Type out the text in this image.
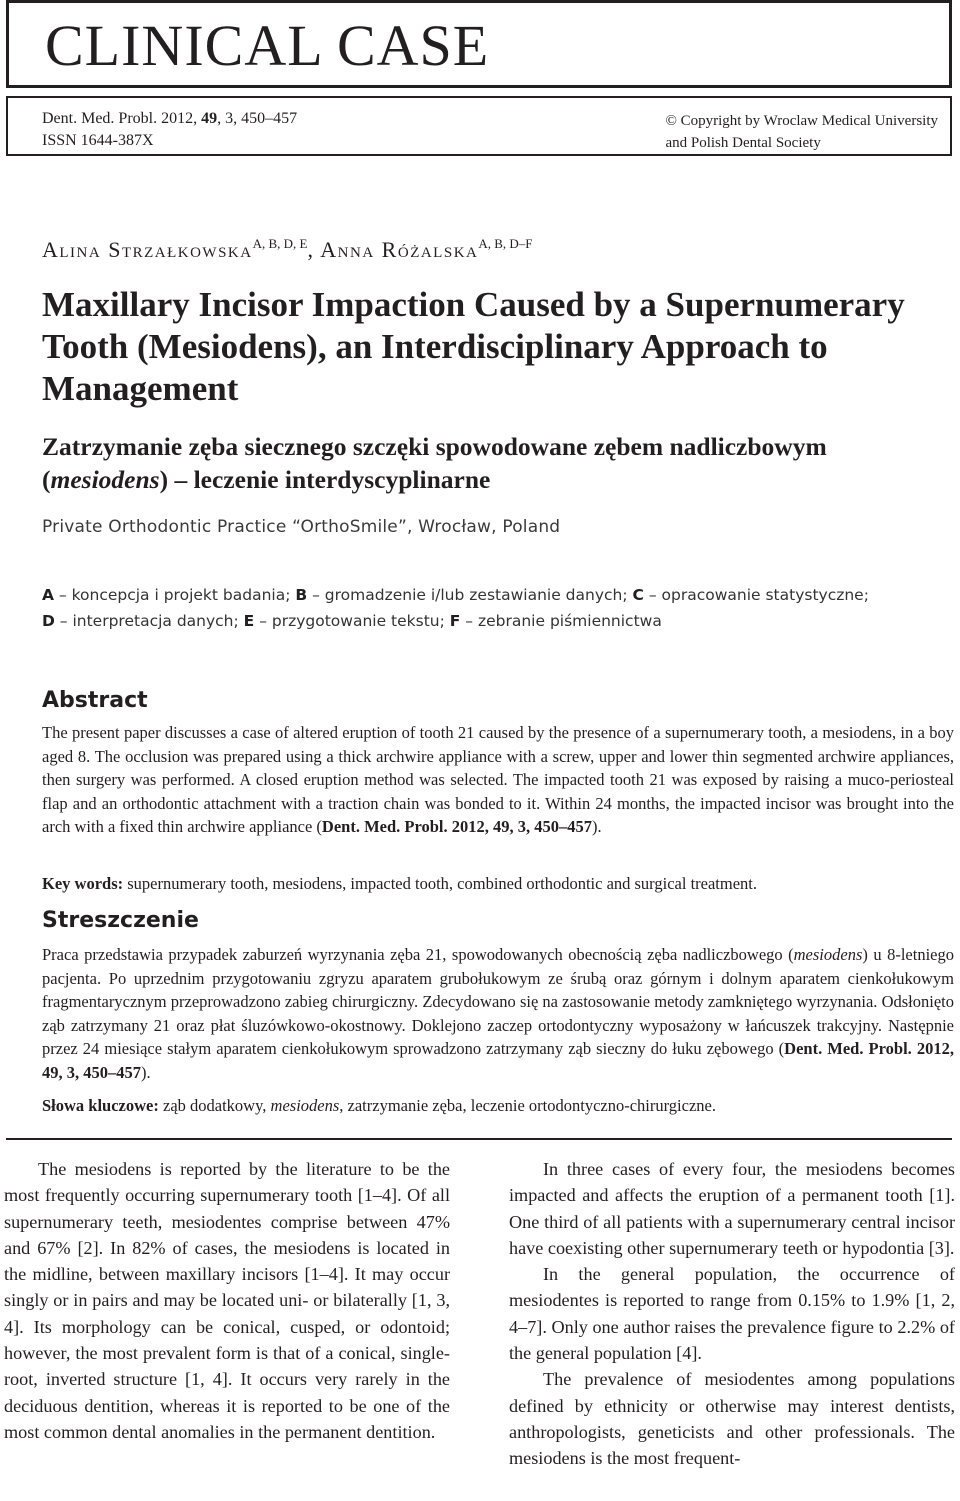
CLINICAL CASE
Dent. Med. Probl. 2012, 49, 3, 450–457
ISSN 1644-387X
© Copyright by Wroclaw Medical University
and Polish Dental Society
Alina Strzałkowska$^{A, B, D, E}$, Anna Różalska$^{A, B, D-F}$
Maxillary Incisor Impaction Caused by a Supernumerary Tooth (Mesiodens), an Interdisciplinary Approach to Management
Zatrzymanie zęba siecznego szczęki spowodowane zębem nadliczbowym
(mesiodens) – leczenie interdyscyplinarne
Private Orthodontic Practice “OrthoSmile”, Wrocław, Poland
A – koncepcja i projekt badania; B – gromadzenie i/lub zestawianie danych; C – opracowanie statystyczne;
D – interpretacja danych; E – przygotowanie tekstu; F – zebranie piśmiennictwa
Abstract
The present paper discusses a case of altered eruption of tooth 21 caused by the presence of a supernumerary tooth, a mesiodens, in a boy aged 8. The occlusion was prepared using a thick archwire appliance with a screw, upper and lower thin segmented archwire appliances, then surgery was performed. A closed eruption method was selected. The impacted tooth 21 was exposed by raising a muco-periosteal flap and an orthodontic attachment with a traction chain was bonded to it. Within 24 months, the impacted incisor was brought into the arch with a fixed thin archwire appliance (Dent. Med. Probl. 2012, 49, 3, 450–457).
Key words: supernumerary tooth, mesiodens, impacted tooth, combined orthodontic and surgical treatment.
Streszczenie
Praca przedstawia przypadek zaburzeń wyrzynania zęba 21, spowodowanych obecnością zęba nadliczbowego (mesiodens) u 8-letniego pacjenta. Po uprzednim przygotowaniu zgryzu aparatem grubołukowym ze śrubą oraz górnym i dolnym aparatem cienkołukowym fragmentarycznym przeprowadzono zabieg chirurgiczny. Zdecydowano się na zastosowanie metody zamkniętego wyrzynania. Odsłonięto ząb zatrzymany 21 oraz płat śluzówkowo-okostnowy. Doklejono zaczep ortodontyczny wyposażony w łańcuszek trakcyjny. Następnie przez 24 miesiące stałym aparatem cienkołukowym sprowadzono zatrzymany ząb sieczny do łuku zębowego (Dent. Med. Probl. 2012, 49, 3, 450–457).
Słowa kluczowe: ząb dodatkowy, mesiodens, zatrzymanie zęba, leczenie ortodontyczno-chirurgiczne.

The mesiodens is reported by the literature to be the most frequently occurring supernumerary tooth [1–4]. Of all supernumerary teeth, mesiodentes comprise between 47% and 67% [2]. In 82% of cases, the mesiodens is located in the midline, between maxillary incisors [1–4]. It may occur singly or in pairs and may be located uni- or bilaterally [1, 3, 4]. Its morphology can be conical, cusped, or odontoid; however, the most prevalent form is that of a conical, single-root, inverted structure [1, 4]. It occurs very rarely in the deciduous dentition, whereas it is reported to be one of the most common dental anomalies in the permanent dentition.

In three cases of every four, the mesiodens becomes impacted and affects the eruption of a permanent tooth [1]. One third of all patients with a supernumerary central incisor have coexisting other supernumerary teeth or hypodontia [3].

In the general population, the occurrence of mesiodentes is reported to range from 0.15% to 1.9% [1, 2, 4–7]. Only one author raises the prevalence figure to 2.2% of the general population [4].

The prevalence of mesiodentes among populations defined by ethnicity or otherwise may interest dentists, anthropologists, geneticists and other professionals. The mesiodens is the most frequent-
